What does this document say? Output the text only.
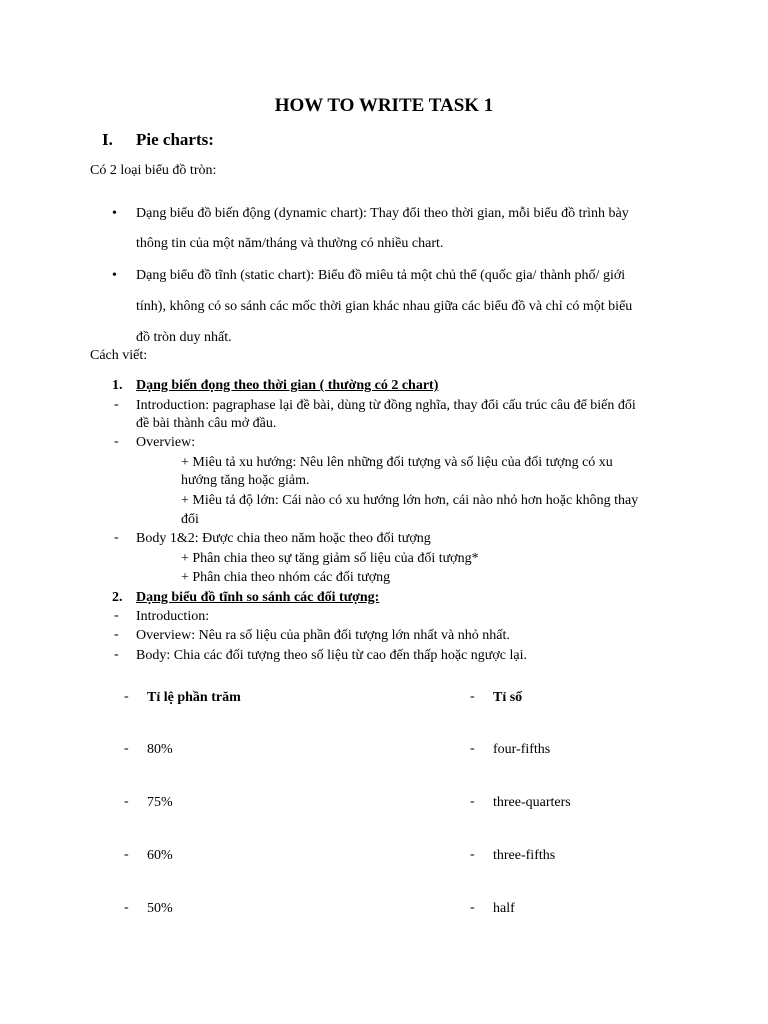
HOW TO WRITE TASK 1
I. Pie charts:
Có 2 loại biểu đồ tròn:
• Dạng biểu đồ biến động (dynamic chart): Thay đổi theo thời gian, mỗi biểu đồ trình bày
thông tin của một năm/tháng và thường có nhiều chart.
• Dạng biểu đồ tĩnh (static chart): Biểu đồ miêu tả một chủ thể (quốc gia/ thành phố/ giới
tính), không có so sánh các mốc thời gian khác nhau giữa các biểu đồ và chỉ có một biểu
đồ tròn duy nhất.
Cách viết:
1. Dạng biến đọng theo thời gian ( thường có 2 chart)
- Introduction: pagraphase lại đề bài, dùng từ đồng nghĩa, thay đổi cấu trúc câu để biến đổi
đề bài thành câu mở đầu.
- Overview:
+ Miêu tả xu hướng: Nêu lên những đối tượng và số liệu của đối tượng có xu
hướng tăng hoặc giảm.
+ Miêu tả độ lớn: Cái nào có xu hướng lớn hơn, cái nào nhỏ hơn hoặc không thay
đổi
- Body 1&2: Được chia theo năm hoặc theo đối tượng
+ Phân chia theo sự tăng giảm số liệu của đối tượng*
+ Phân chia theo nhóm các đối tượng
2. Dạng biểu đồ tĩnh so sánh các đối tượng:
- Introduction:
- Overview: Nêu ra số liệu của phần đối tượng lớn nhất và nhỏ nhất.
- Body: Chia các đối tượng theo số liệu từ cao đến thấp hoặc ngược lại.
- Tỉ lệ phần trăm	- Tỉ số
- 80%	- four-fifths
- 75%	- three-quarters
- 60%	- three-fifths
- 50%	- half
